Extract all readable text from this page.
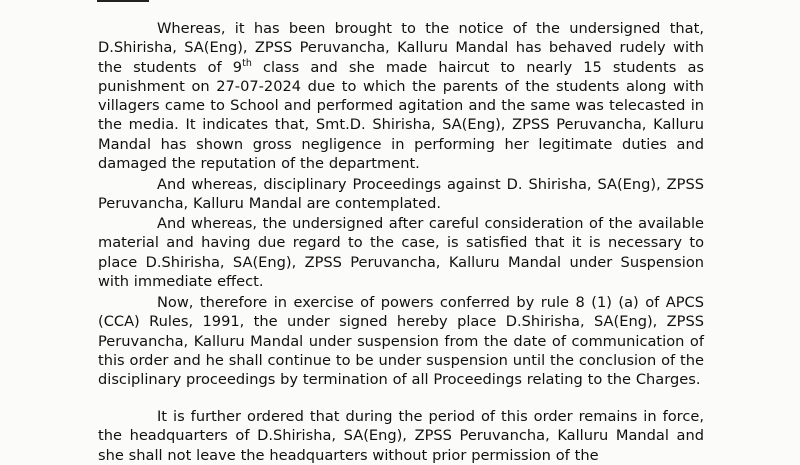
Whereas, it has been brought to the notice of the undersigned that, D.Shirisha, SA(Eng), ZPSS Peruvancha, Kalluru Mandal has behaved rudely with the students of 9th class and she made haircut to nearly 15 students as punishment on 27-07-2024 due to which the parents of the students along with villagers came to School and performed agitation and the same was telecasted in the media. It indicates that, Smt.D. Shirisha, SA(Eng), ZPSS Peruvancha, Kalluru Mandal has shown gross negligence in performing her legitimate duties and damaged the reputation of the department.

And whereas, disciplinary Proceedings against D. Shirisha, SA(Eng), ZPSS Peruvancha, Kalluru Mandal are contemplated.

And whereas, the undersigned after careful consideration of the available material and having due regard to the case, is satisfied that it is necessary to place D.Shirisha, SA(Eng), ZPSS Peruvancha, Kalluru Mandal under Suspension with immediate effect.

Now, therefore in exercise of powers conferred by rule 8 (1) (a) of APCS (CCA) Rules, 1991, the under signed hereby place D.Shirisha, SA(Eng), ZPSS Peruvancha, Kalluru Mandal under suspension from the date of communication of this order and he shall continue to be under suspension until the conclusion of the disciplinary proceedings by termination of all Proceedings relating to the Charges.

It is further ordered that during the period of this order remains in force, the headquarters of D.Shirisha, SA(Eng), ZPSS Peruvancha, Kalluru Mandal and she shall not leave the headquarters without prior permission of the
